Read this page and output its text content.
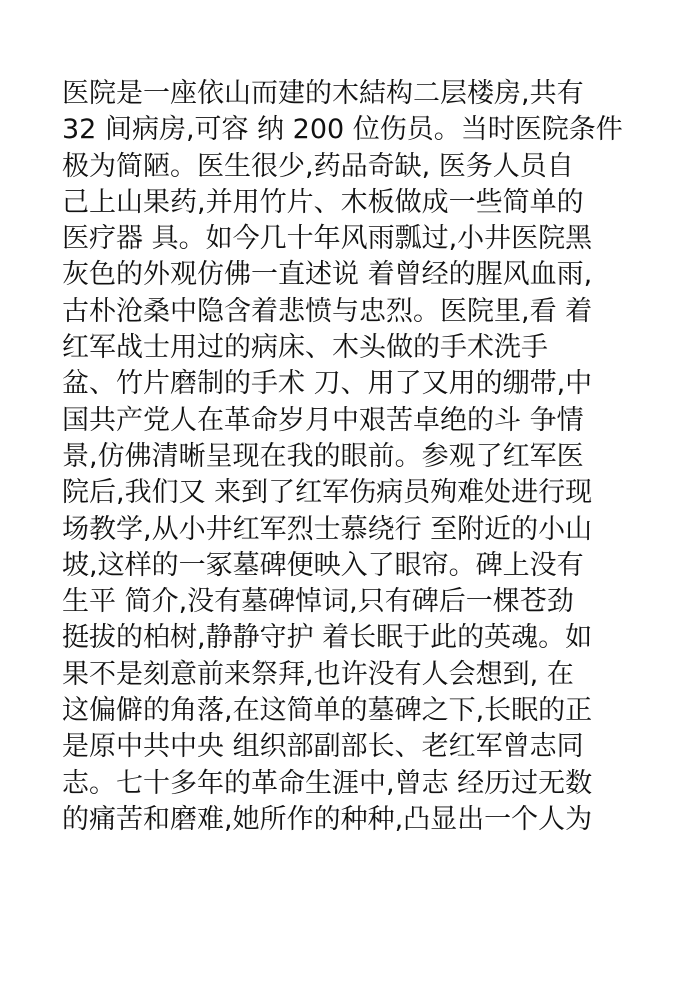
医院是一座依山而建的木結构二层楼房,共有
32 间病房,可容 纳 200 位伤员。当时医院条件
极为简陋。医生很少,药品奇缺, 医务人员自
己上山果药,并用竹片、木板做成一些简单的
医疗器 具。如今几十年风雨瓢过,小井医院黑
灰色的外观仿佛一直述说 着曾经的腥风血雨,
古朴沧桑中隐含着悲愤与忠烈。医院里,看 着
红军战士用过的病床、木头做的手术洗手
盆、竹片磨制的手术 刀、用了又用的绷带,中
国共产党人在革命岁月中艰苦卓绝的斗 争情
景,仿佛清晰呈现在我的眼前。参观了红军医
院后,我们又 来到了红军伤病员殉难处进行现
场教学,从小井红军烈士慕绕行 至附近的小山
坡,这样的一冢墓碑便映入了眼帘。碑上没有
生平 简介,没有墓碑悼词,只有碑后一棵苍劲
挺拔的柏树,静静守护 着长眠于此的英魂。如
果不是刻意前来祭拜,也许没有人会想到, 在
这偏僻的角落,在这简单的墓碑之下,长眠的正
是原中共中央 组织部副部长、老红军曾志同
志。七十多年的革命生涯中,曾志 经历过无数
的痛苦和磨难,她所作的种种,凸显出一个人为
